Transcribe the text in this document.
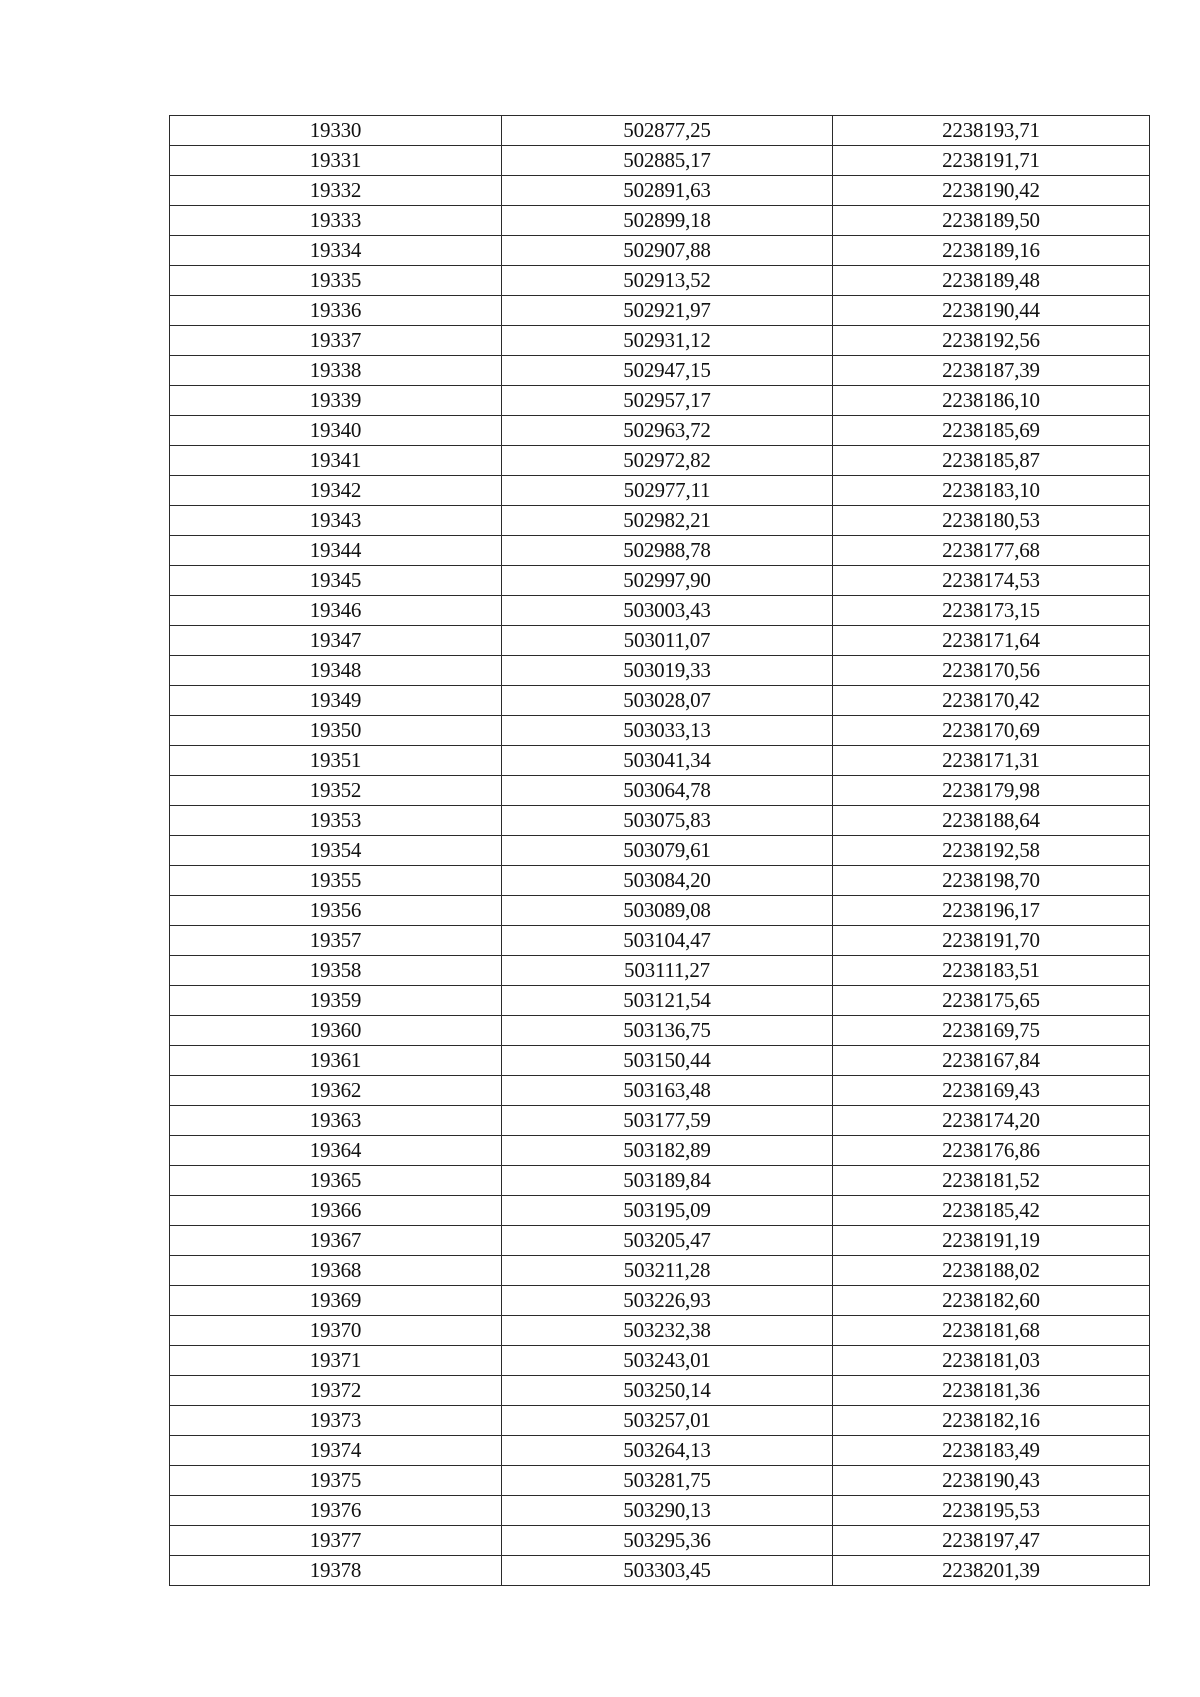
19330	502877,25	2238193,71
19331	502885,17	2238191,71
19332	502891,63	2238190,42
19333	502899,18	2238189,50
19334	502907,88	2238189,16
19335	502913,52	2238189,48
19336	502921,97	2238190,44
19337	502931,12	2238192,56
19338	502947,15	2238187,39
19339	502957,17	2238186,10
19340	502963,72	2238185,69
19341	502972,82	2238185,87
19342	502977,11	2238183,10
19343	502982,21	2238180,53
19344	502988,78	2238177,68
19345	502997,90	2238174,53
19346	503003,43	2238173,15
19347	503011,07	2238171,64
19348	503019,33	2238170,56
19349	503028,07	2238170,42
19350	503033,13	2238170,69
19351	503041,34	2238171,31
19352	503064,78	2238179,98
19353	503075,83	2238188,64
19354	503079,61	2238192,58
19355	503084,20	2238198,70
19356	503089,08	2238196,17
19357	503104,47	2238191,70
19358	503111,27	2238183,51
19359	503121,54	2238175,65
19360	503136,75	2238169,75
19361	503150,44	2238167,84
19362	503163,48	2238169,43
19363	503177,59	2238174,20
19364	503182,89	2238176,86
19365	503189,84	2238181,52
19366	503195,09	2238185,42
19367	503205,47	2238191,19
19368	503211,28	2238188,02
19369	503226,93	2238182,60
19370	503232,38	2238181,68
19371	503243,01	2238181,03
19372	503250,14	2238181,36
19373	503257,01	2238182,16
19374	503264,13	2238183,49
19375	503281,75	2238190,43
19376	503290,13	2238195,53
19377	503295,36	2238197,47
19378	503303,45	2238201,39
